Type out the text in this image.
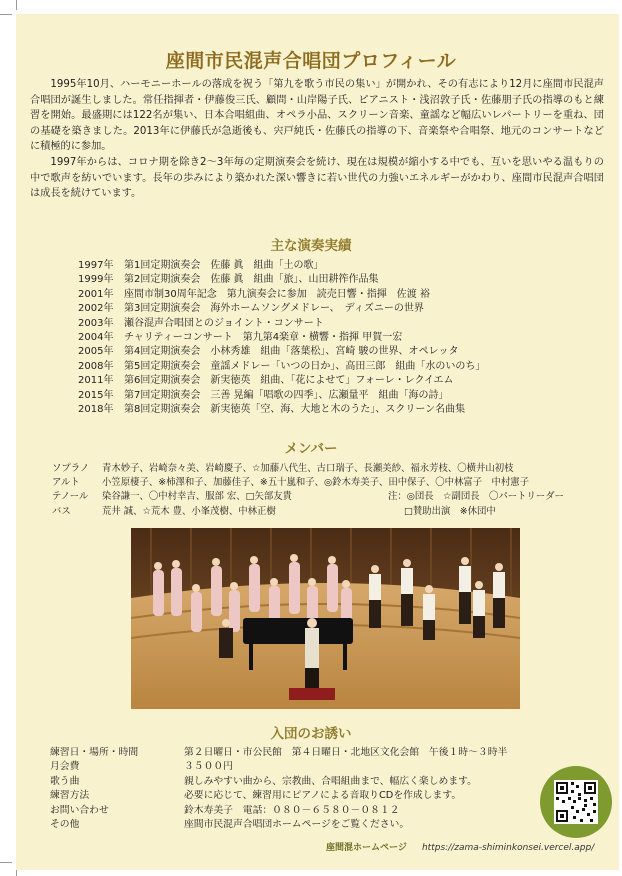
座間市民混声合唱団プロフィール

1995年10月、ハーモニーホールの落成を祝う「第九を歌う市民の集い」が開かれ、その有志により12月に座間市民混声合唱団が誕生しました。常任指揮者・伊藤俊三氏、顧問・山岸陽子氏、ピアニスト・浅沼敦子氏・佐藤朋子氏の指導のもと練習を開始。最盛期には122名が集い、日本合唱組曲、オペラ小品、スクリーン音楽、童謡など幅広いレパートリーを重ね、団の基礎を築きました。2013年に伊藤氏が急逝後も、宍戸純氏・佐藤氏の指導の下、音楽祭や合唱祭、地元のコンサートなどに積極的に参加。

1997年からは、コロナ期を除き2〜3年毎の定期演奏会を続け、現在は規模が縮小する中でも、互いを思いやる温もりの中で歌声を紡いでいます。長年の歩みにより築かれた深い響きに若い世代の力強いエネルギーがかわり、座間市民混声合唱団は成長を続けています。

主な演奏実績
1997年 第1回定期演奏会　佐藤 眞　組曲「土の歌」
1999年 第2回定期演奏会　佐藤 眞　組曲「旅」、山田耕筰作品集
2001年 座間市制30周年記念　第九演奏会に参加　読売日響・指揮　佐渡 裕
2002年 第3回定期演奏会　海外ホームソングメドレー、　ディズニーの世界
2003年 瀬谷混声合唱団とのジョイント・コンサート
2004年 チャリティーコンサート　第九第4楽章・横響・指揮 甲賀一宏
2005年 第4回定期演奏会　小林秀雄　組曲「落葉松」、宮崎 駿の世界、オペレッタ
2008年 第5回定期演奏会　童謡メドレー「いつの日か」、高田三郎　組曲「水のいのち」
2011年 第6回定期演奏会　新実徳英　組曲、「花によせて」フォーレ・レクイエム
2015年 第7回定期演奏会　三善 晃編「唱歌の四季」、広瀬量平　組曲「海の詩」
2018年 第8回定期演奏会　新実徳英「空、海、大地と木のうた」、スクリーン名曲集
メンバー
ソプラノ 青木妙子、岩崎奈々美、岩崎慶子、☆加藤八代生、古口瑞子、長瀬美紗、福永芳枝、〇横井山初枝
アルト 小笠原棲子、※柿澤和子、加藤佳子、※五十嵐和子、◎鈴木寿美子、田中保子、〇中林富子　中村憲子
テノール 染谷謙一、〇中村幸吉、服部 宏、□矢部友貴	注：◎団長　☆副団長　〇パートリーダー
バス	荒井 誠、☆荒木 豊、小峯茂樹、中林正樹	□賛助出演　※休団中
入団のお誘い
練習日・場所・時間	第２日曜日・市公民館　第４日曜日・北地区文化会館　午後１時〜３時半
月会費	３５００円
歌う曲	親しみやすい曲から、宗教曲、合唱組曲まで、幅広く楽しめます。
練習方法	必要に応じて、練習用にピアノによる音取りCDを作成します。
お問い合わせ	鈴木寿美子　電話：０８０－６５８０－０８１２
その他	座間市民混声合唱団ホームページをご覧ください。
座間混ホームページ https://zama-shiminkonsei.vercel.app/
